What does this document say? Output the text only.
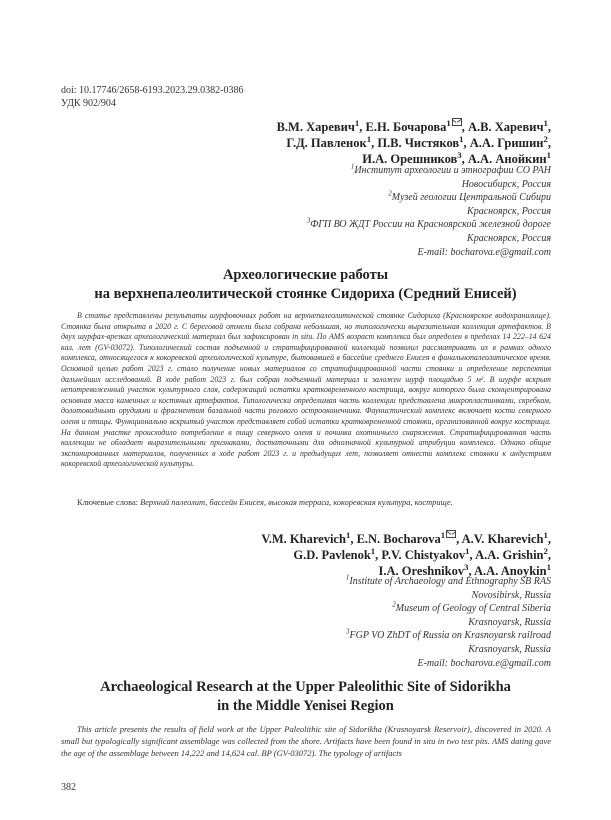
doi: 10.17746/2658-6193.2023.29.0382-0386
УДК 902/904
В.М. Харевич$^1$, Е.Н. Бочарова$^1$ , А.В. Харевич$^1$,
Г.Д. Павленок$^1$, П.В. Чистяков$^1$, А.А. Гришин$^2$,
И.А. Орешников$^3$, А.А. Анойкин$^1$
$^1$Институт археологии и этнографии СО РАН
Новосибирск, Россия
$^2$Музей геологии Центральной Сибири
Красноярск, Россия
$^3$ФГП ВО ЖДТ России на Красноярской железной дороге
Красноярск, Россия
E-mail: bocharova.e@gmail.com
Археологические работы
на верхнепалеолитической стоянке Сидориха (Средний Енисей)

В статье представлены результаты шурфовочных работ на верхнепалеолитической стоянке Сидориха (Красноярское водохранилище). Стоянка была открыта в 2020 г. С береговой отмели была собрана небольшая, но типологически выразительная коллекция артефактов. В двух шурфах-врезках археологический материал был зафиксирован in situ. По AMS возраст комплекса был определен в пределах 14 222–14 624 кал. лет (GV-03072). Типологический состав подъемной и стратифицированной коллекций позволил рассматривать их в рамках одного комплекса, относящегося к кокоревской археологической культуре, бытовавшей в бассейне среднего Енисея в финальнопалеолитическое время. Основной целью работ 2023 г. стало получение новых материалов со стратифицированной части стоянки и определение перспектив дальнейших исследований. В ходе работ 2023 г. был собран подъемный материал и заложен шурф площадью 5 м². В шурфе вскрыт непотревоженный участок культурного слоя, содержащий остатки кратковременного кострища, вокруг которого была сконцентрирована основная масса каменных и костяных артефактов. Типологически определимая часть коллекции представлена микропластинками, скребком, долотовидными орудиями и фрагментом базальной части рогового острооконечника. Фаунистический комплекс включает кости северного оленя и птицы. Функционально вскрытый участок представляет собой остатки кратковременной стоянки, организованной вокруг кострища. На данном участке происходило потребление в пищу северного оленя и починка охотничьего снаряжения. Стратифицированная часть коллекции не обладает выразительными признаками, достаточными для однозначной культурной атрибуции комплекса. Однако общие экспонированных материалов, полученных в ходе работ 2023 г. и предыдущих лет, позволяет отнести комплекс стоянки к индустриям кокоревской археологической культуры.

Ключевые слова: Верхний палеолит, бассейн Енисея, высокая терраса, кокоревская культура, кострище.
V.M. Kharevich$^1$, E.N. Bocharova$^1$ , A.V. Kharevich$^1$,
G.D. Pavlenok$^1$, P.V. Chistyakov$^1$, A.A. Grishin$^2$,
I.A. Oreshnikov$^3$, A.A. Anoykin$^1$
$^1$Institute of Archaeology and Ethnography SB RAS
Novosibirsk, Russia
$^2$Museum of Geology of Central Siberia
Krasnoyarsk, Russia
$^3$FGP VO ZhDT of Russia on Krasnoyarsk railroad
Krasnoyarsk, Russia
E-mail: bocharova.e@gmail.com
Archaeological Research at the Upper Paleolithic Site of Sidorikha
in the Middle Yenisei Region

This article presents the results of field work at the Upper Paleolithic site of Sidorikha (Krasnoyarsk Reservoir), discovered in 2020. A small but typologically significant assemblage was collected from the shore. Artifacts have been found in situ in two test pits. AMS dating gave the age of the assemblage between 14,222 and 14,624 cal. BP (GV-03072). The typology of artifacts

382
